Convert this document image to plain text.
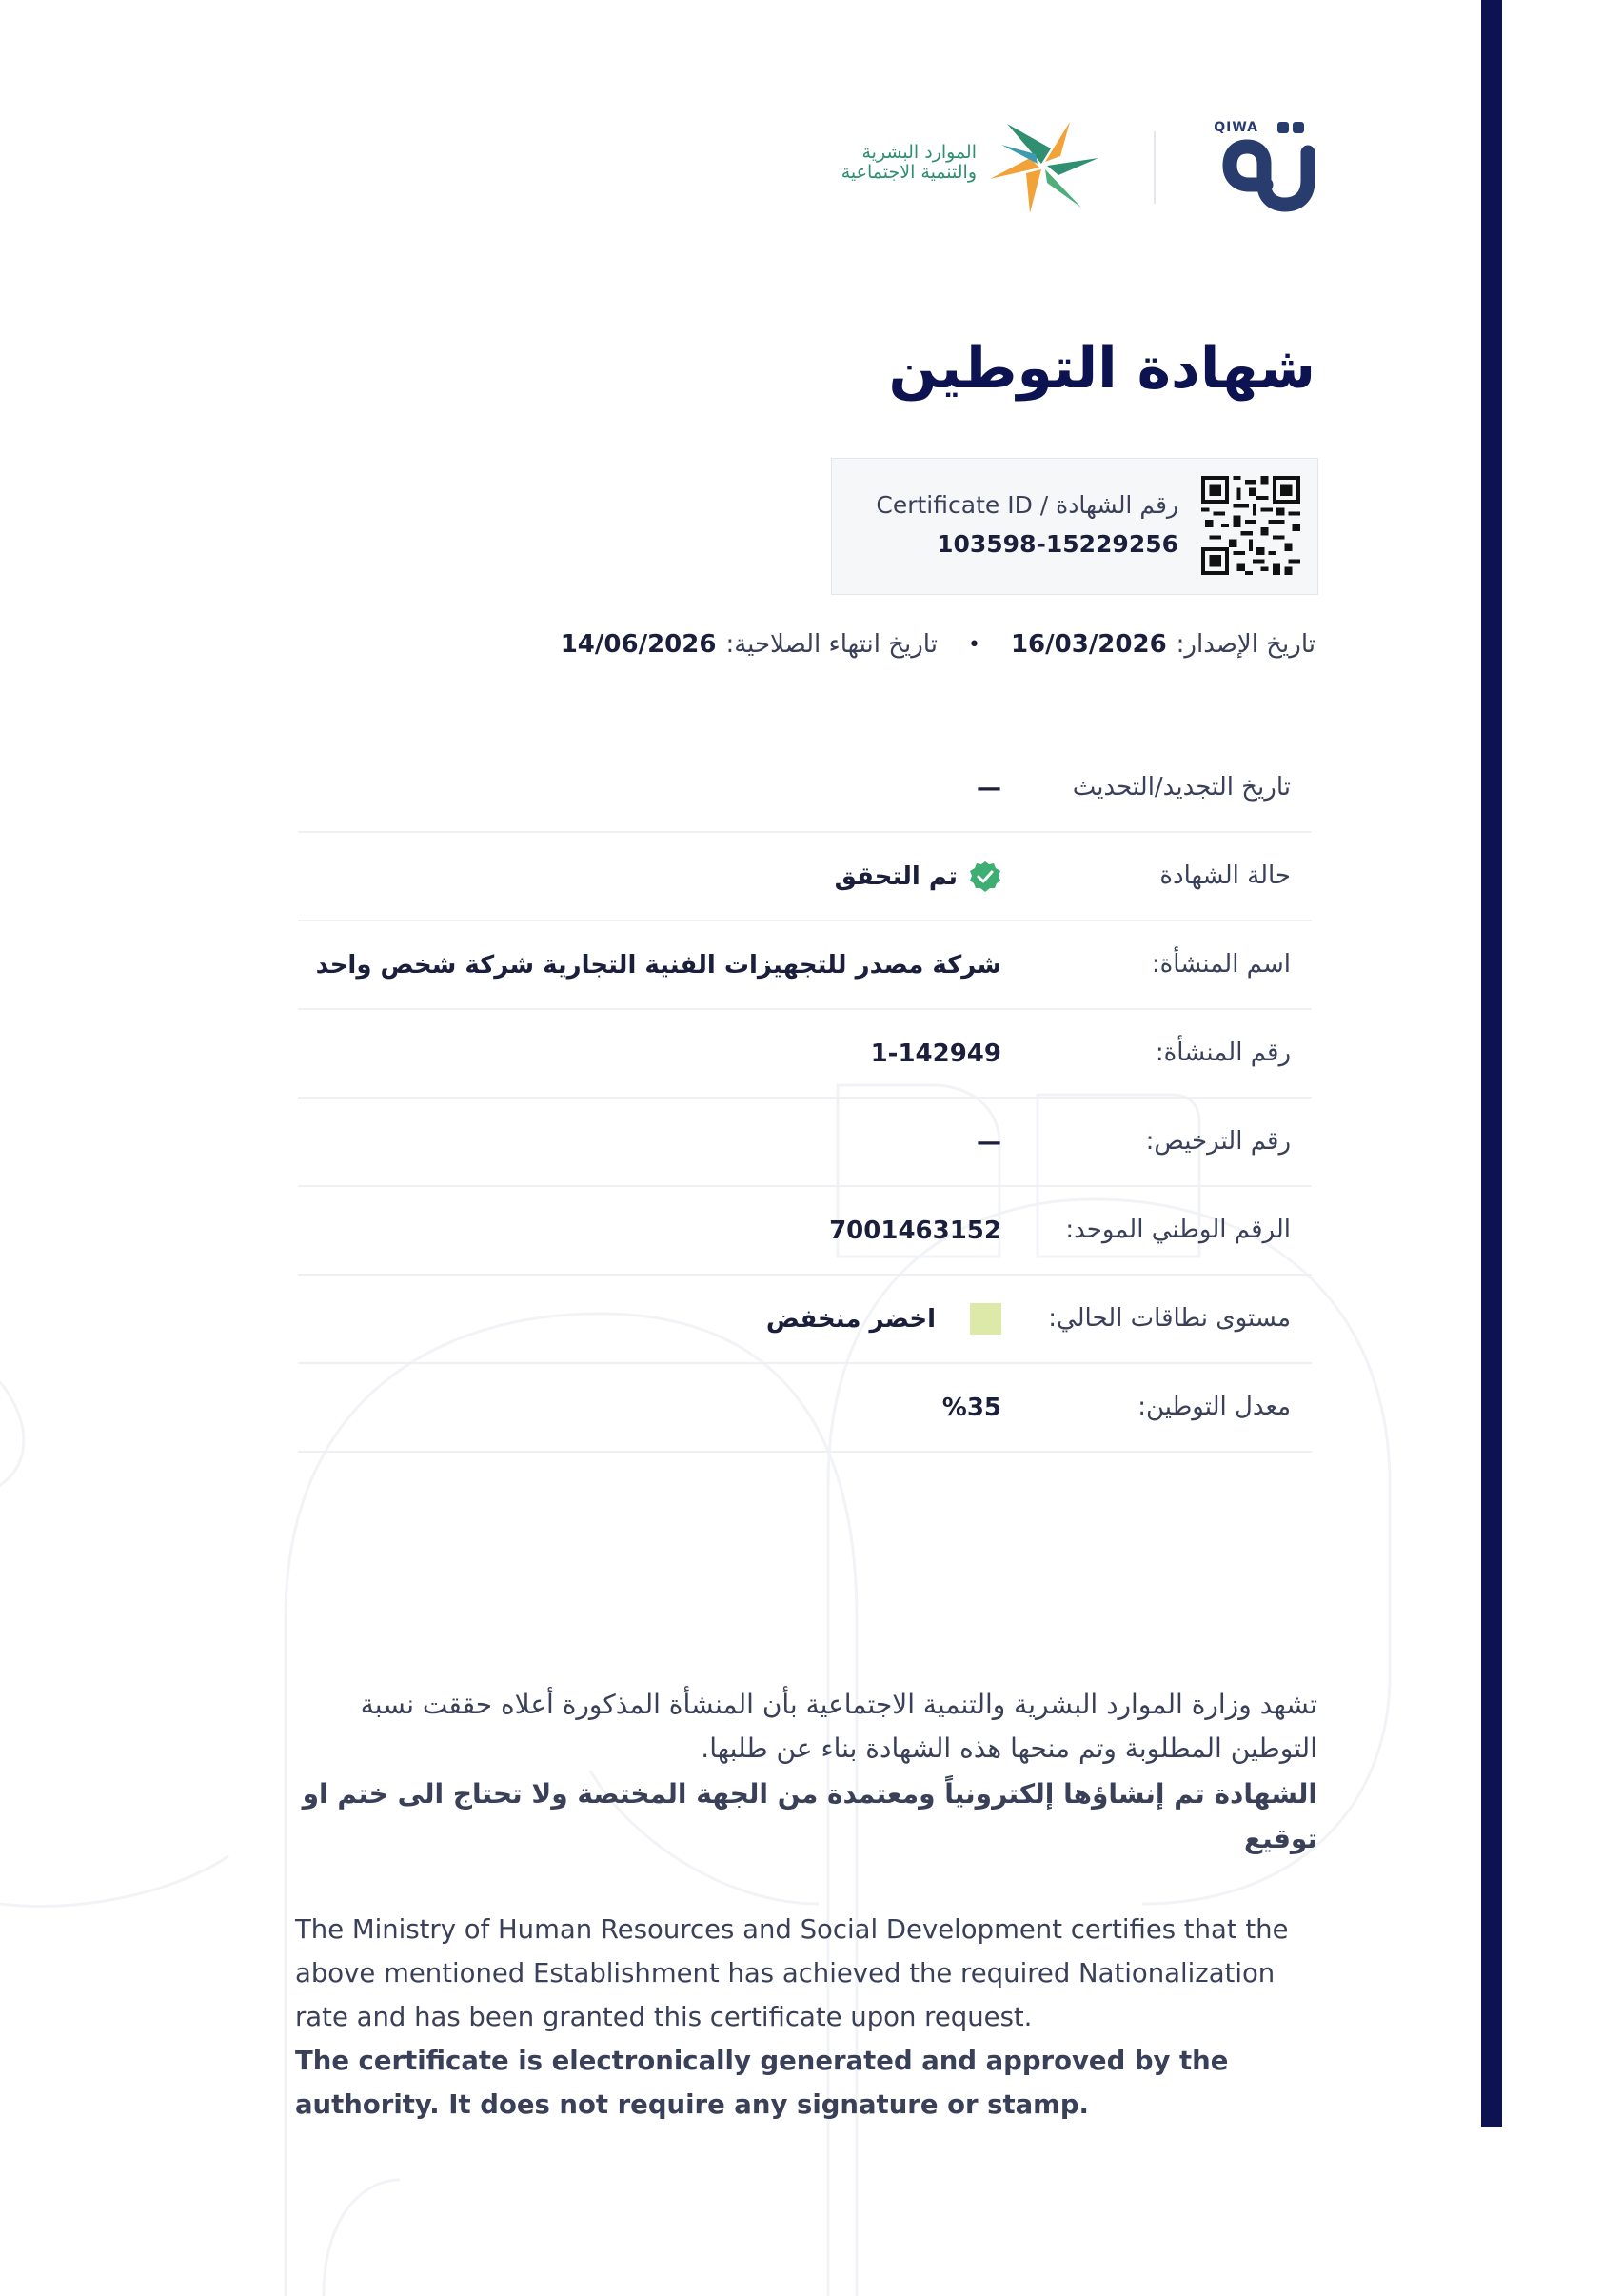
QIWA
الموارد البشرية
والتنمية الاجتماعية
شهادة التوطين
رقم الشهادة / Certificate ID
103598-15229256
تاريخ الإصدار:
16/03/2026
•
تاريخ انتهاء الصلاحية:
14/06/2026
تاريخ التجديد/التحديث
—
حالة الشهادة
تم التحقق
اسم المنشأة:
شركة مصدر للتجهيزات الفنية التجارية شركة شخص واحد
رقم المنشأة:
1-142949
رقم الترخيص:
—
الرقم الوطني الموحد:
7001463152
مستوى نطاقات الحالي:
اخضر منخفض
معدل التوطين:
%35

تشهد وزارة الموارد البشرية والتنمية الاجتماعية بأن المنشأة المذكورة أعلاه حققت نسبة التوطين المطلوبة وتم منحها هذه الشهادة بناء عن طلبها.

الشهادة تم إنشاؤها إلكترونياً ومعتمدة من الجهة المختصة ولا تحتاج الى ختم او توقيع

The Ministry of Human Resources and Social Development certifies that the above mentioned Establishment has achieved the required Nationalization rate and has been granted this certificate upon request.

The certificate is electronically generated and approved by the authority. It does not require any signature or stamp.
